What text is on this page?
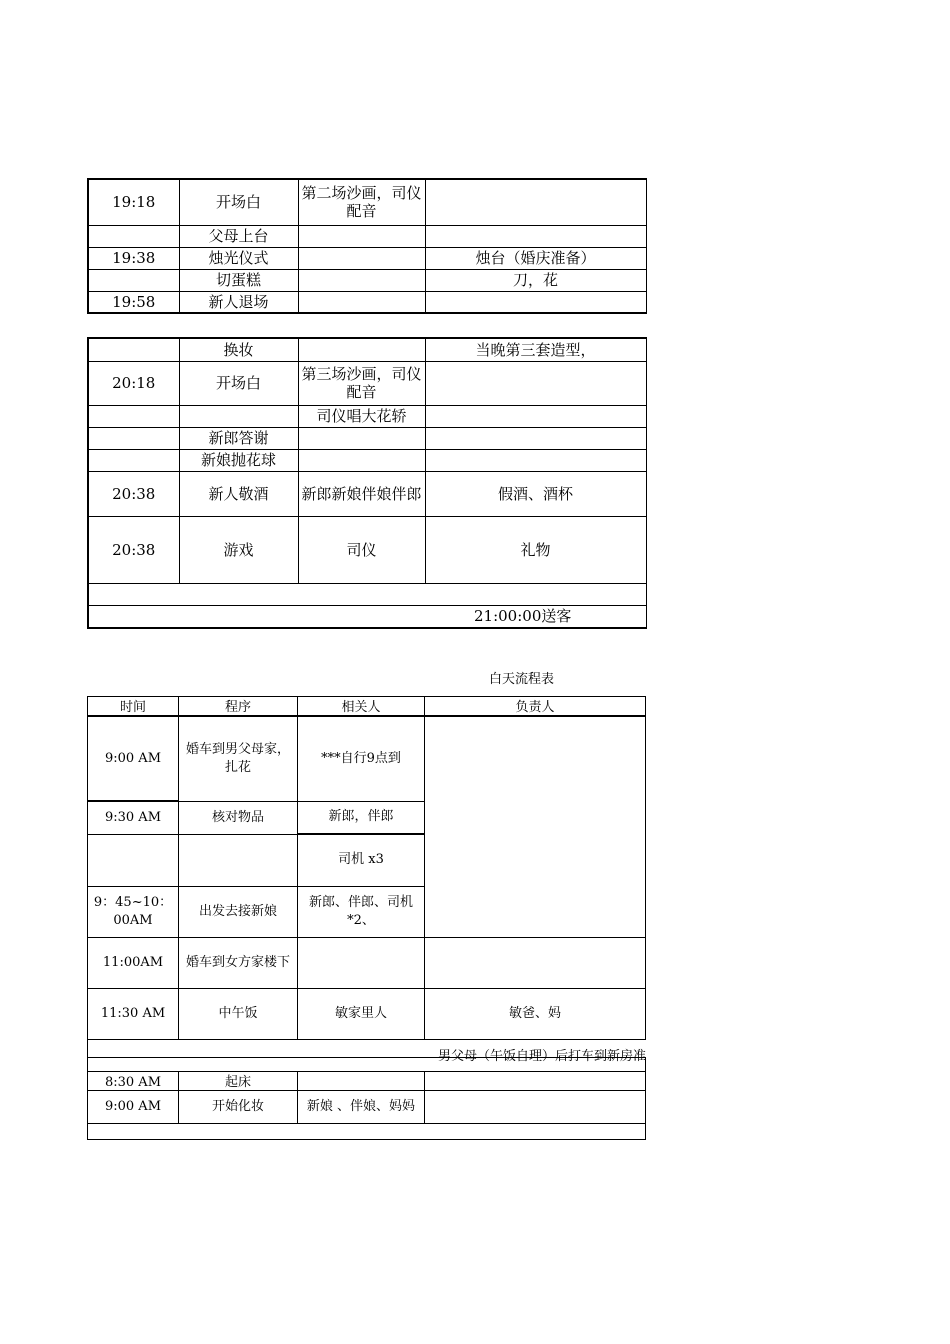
19:18	开场白	第二场沙画，司仪配音	
	父母上台		
19:38	烛光仪式		烛台（婚庆准备）
	切蛋糕		刀，花
19:58	新人退场		
	换妆		当晚第三套造型，
20:18	开场白	第三场沙画，司仪配音	
		司仪唱大花轿	
	新郎答谢		
	新娘抛花球		
20:38	新人敬酒	新郎新娘伴娘伴郎	假酒、酒杯
20:38	游戏	司仪	礼物

21:00:00送客			
白天流程表
时间	程序	相关人	负责人
9:00 AM	婚车到男父母家，扎花	***自行9点到	
9:30 AM	核对物品	新郎，伴郎	
		司机 x3	
9：45~10：00AM	出发去接新娘	新郎、伴郎、司机*2、	
11:00AM	婚车到女方家楼下		
11:30 AM	中午饭	敏家里人	敏爸、妈

8:30 AM	起床		
9:00 AM	开始化妆	新娘 、伴娘、妈妈	

男父母（午饭自理）后打车到新房准
